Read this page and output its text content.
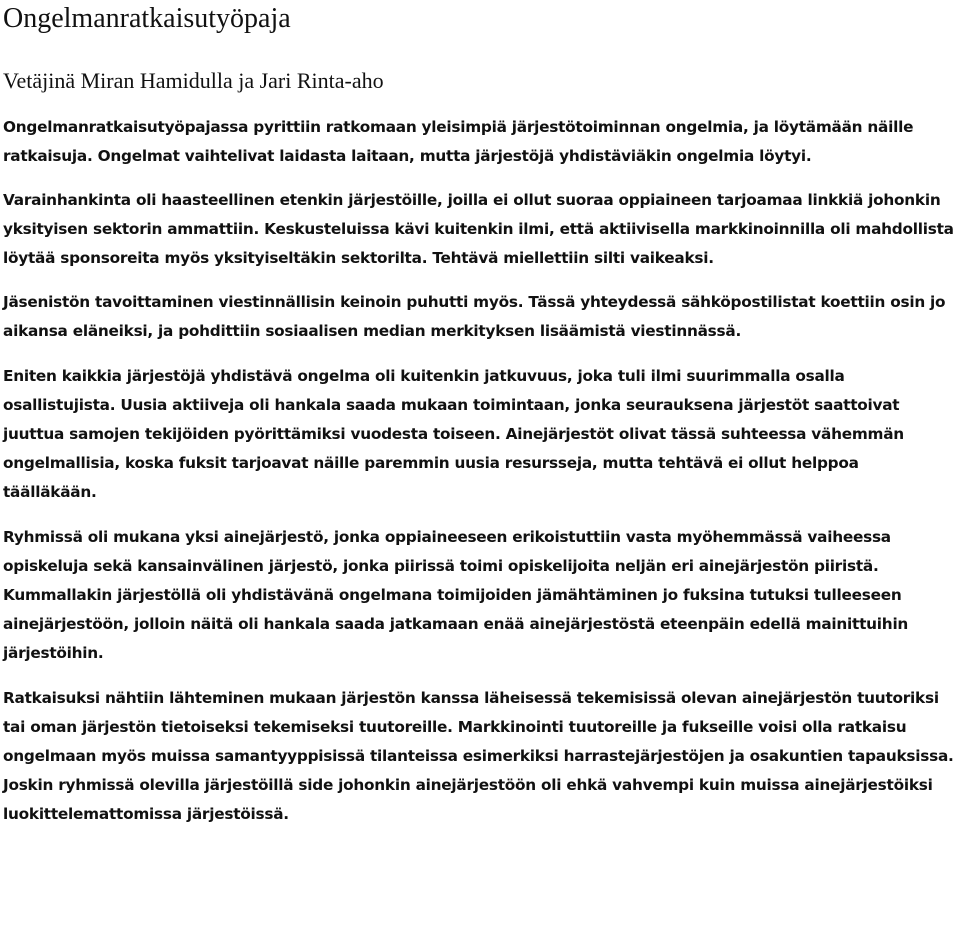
Ongelmanratkaisutyöpaja
Vetäjinä Miran Hamidulla ja Jari Rinta-aho

Ongelmanratkaisutyöpajassa pyrittiin ratkomaan yleisimpiä järjestötoiminnan ongelmia, ja löytämään näille ratkaisuja. Ongelmat vaihtelivat laidasta laitaan, mutta järjestöjä yhdistäviäkin ongelmia löytyi.

Varainhankinta oli haasteellinen etenkin järjestöille, joilla ei ollut suoraa oppiaineen tarjoamaa linkkiä johonkin yksityisen sektorin ammattiin. Keskusteluissa kävi kuitenkin ilmi, että aktiivisella markkinoinnilla oli mahdollista löytää sponsoreita myös yksityiseltäkin sektorilta. Tehtävä miellettiin silti vaikeaksi.

Jäsenistön tavoittaminen viestinnällisin keinoin puhutti myös. Tässä yhteydessä sähköpostilistat koettiin osin jo aikansa eläneiksi, ja pohdittiin sosiaalisen median merkityksen lisäämistä viestinnässä.

Eniten kaikkia järjestöjä yhdistävä ongelma oli kuitenkin jatkuvuus, joka tuli ilmi suurimmalla osalla osallistujista. Uusia aktiiveja oli hankala saada mukaan toimintaan, jonka seurauksena järjestöt saattoivat juuttua samojen tekijöiden pyörittämiksi vuodesta toiseen. Ainejärjestöt olivat tässä suhteessa vähemmän ongelmallisia, koska fuksit tarjoavat näille paremmin uusia resursseja, mutta tehtävä ei ollut helppoa täälläkään.

Ryhmissä oli mukana yksi ainejärjestö, jonka oppiaineeseen erikoistuttiin vasta myöhemmässä vaiheessa opiskeluja sekä kansainvälinen järjestö, jonka piirissä toimi opiskelijoita neljän eri ainejärjestön piiristä. Kummallakin järjestöllä oli yhdistävänä ongelmana toimijoiden jämähtäminen jo fuksina tutuksi tulleeseen ainejärjestöön, jolloin näitä oli hankala saada jatkamaan enää ainejärjestöstä eteenpäin edellä mainittuihin järjestöihin.

Ratkaisuksi nähtiin lähteminen mukaan järjestön kanssa läheisessä tekemisissä olevan ainejärjestön tuutoriksi tai oman järjestön tietoiseksi tekemiseksi tuutoreille. Markkinointi tuutoreille ja fukseille voisi olla ratkaisu ongelmaan myös muissa samantyyppisissä tilanteissa esimerkiksi harrastejärjestöjen ja osakuntien tapauksissa. Joskin ryhmissä olevilla järjestöillä side johonkin ainejärjestöön oli ehkä vahvempi kuin muissa ainejärjestöiksi luokittelemattomissa järjestöissä.
